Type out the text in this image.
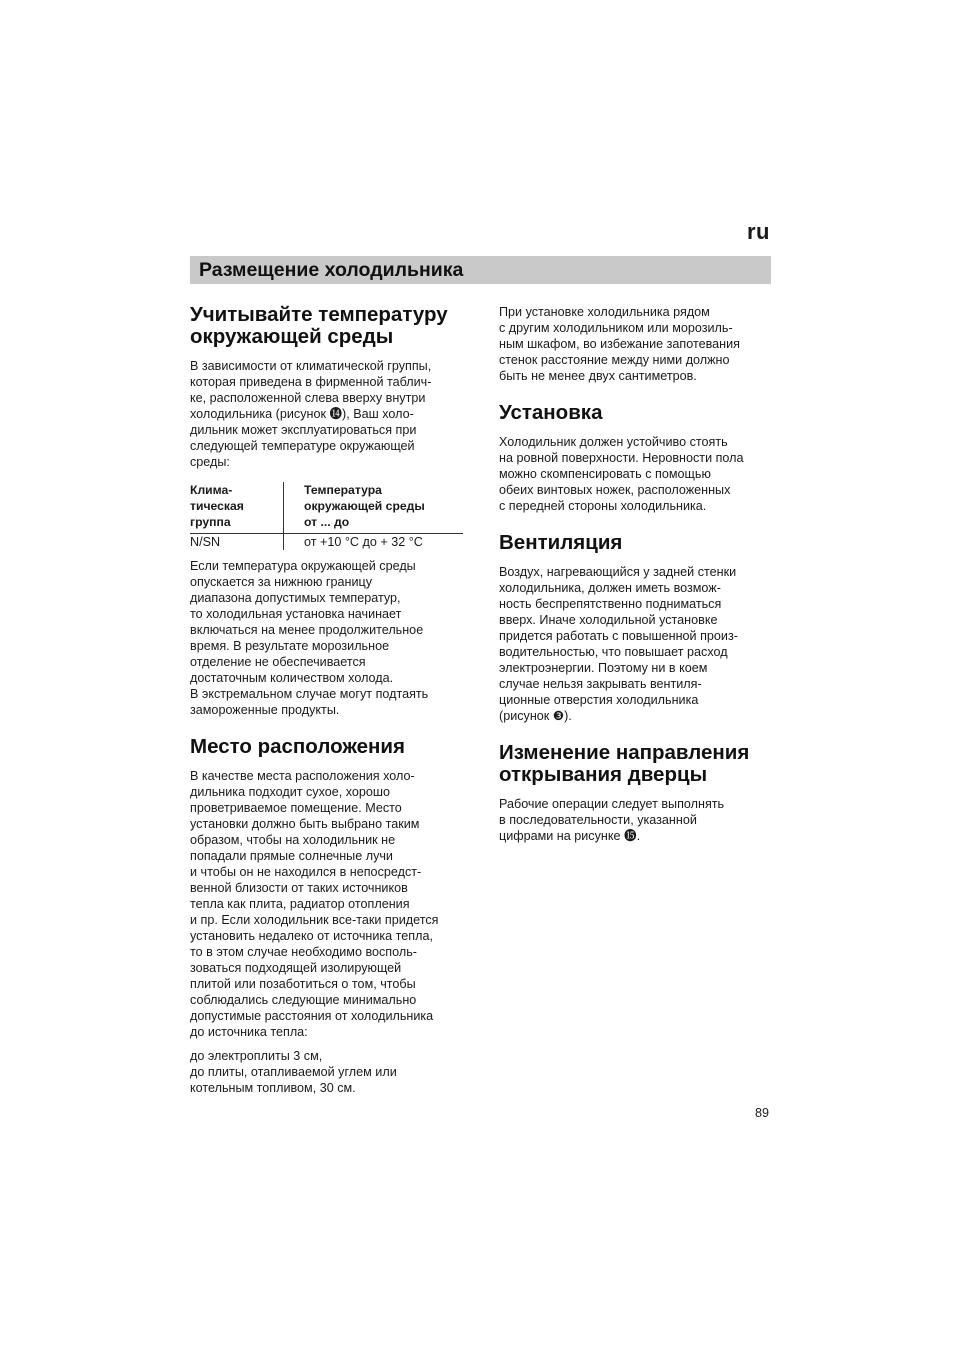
ru
Размещение холодильника
Учитывайте температуру
окружающей среды

В зависимости от климатической группы,
которая приведена в фирменной таблич-
ке, расположенной слева вверху внутри
холодильника (рисунок ⓮), Ваш холо-
дильник может эксплуатироваться при
следующей температуре окружающей
среды:

Клима-
тическая
группа
Температура
окружающей среды
от ... до
N/SN	от +10 °С до + 32 °С

Если температура окружающей среды
опускается за нижнюю границу
диапазона допустимых температур,
то холодильная установка начинает
включаться на менее продолжительное
время. В результате морозильное
отделение не обеспечивается
достаточным количеством холода.
В экстремальном случае могут подтаять
замороженные продукты.

Место расположения

В качестве места расположения холо-
дильника подходит сухое, хорошо
проветриваемое помещение. Место
установки должно быть выбрано таким
образом, чтобы на холодильник не
попадали прямые солнечные лучи
и чтобы он не находился в непосредст-
венной близости от таких источников
тепла как плита, радиатор отопления
и пр. Если холодильник все-таки придется
установить недалеко от источника тепла,
то в этом случае необходимо восполь-
зоваться подходящей изолирующей
плитой или позаботиться о том, чтобы
соблюдались следующие минимально
допустимые расстояния от холодильника
до источника тепла:

до электроплиты 3 см,
до плиты, отапливаемой углем или
котельным топливом, 30 см.

При установке холодильника рядом
с другим холодильником или морозиль-
ным шкафом, во избежание запотевания
стенок расстояние между ними должно
быть не менее двух сантиметров.

Установка

Холодильник должен устойчиво стоять
на ровной поверхности. Неровности пола
можно скомпенсировать с помощью
обеих винтовых ножек, расположенных
с передней стороны холодильника.

Вентиляция

Воздух, нагревающийся у задней стенки
холодильника, должен иметь возмож-
ность беспрепятственно подниматься
вверх. Иначе холодильной установке
придется работать с повышенной произ-
водительностью, что повышает расход
электроэнергии. Поэтому ни в коем
случае нельзя закрывать вентиля-
ционные отверстия холодильника
(рисунок ❸).

Изменение направления
открывания дверцы

Рабочие операции следует выполнять
в последовательности, указанной
цифрами на рисунке ⓯.

89
